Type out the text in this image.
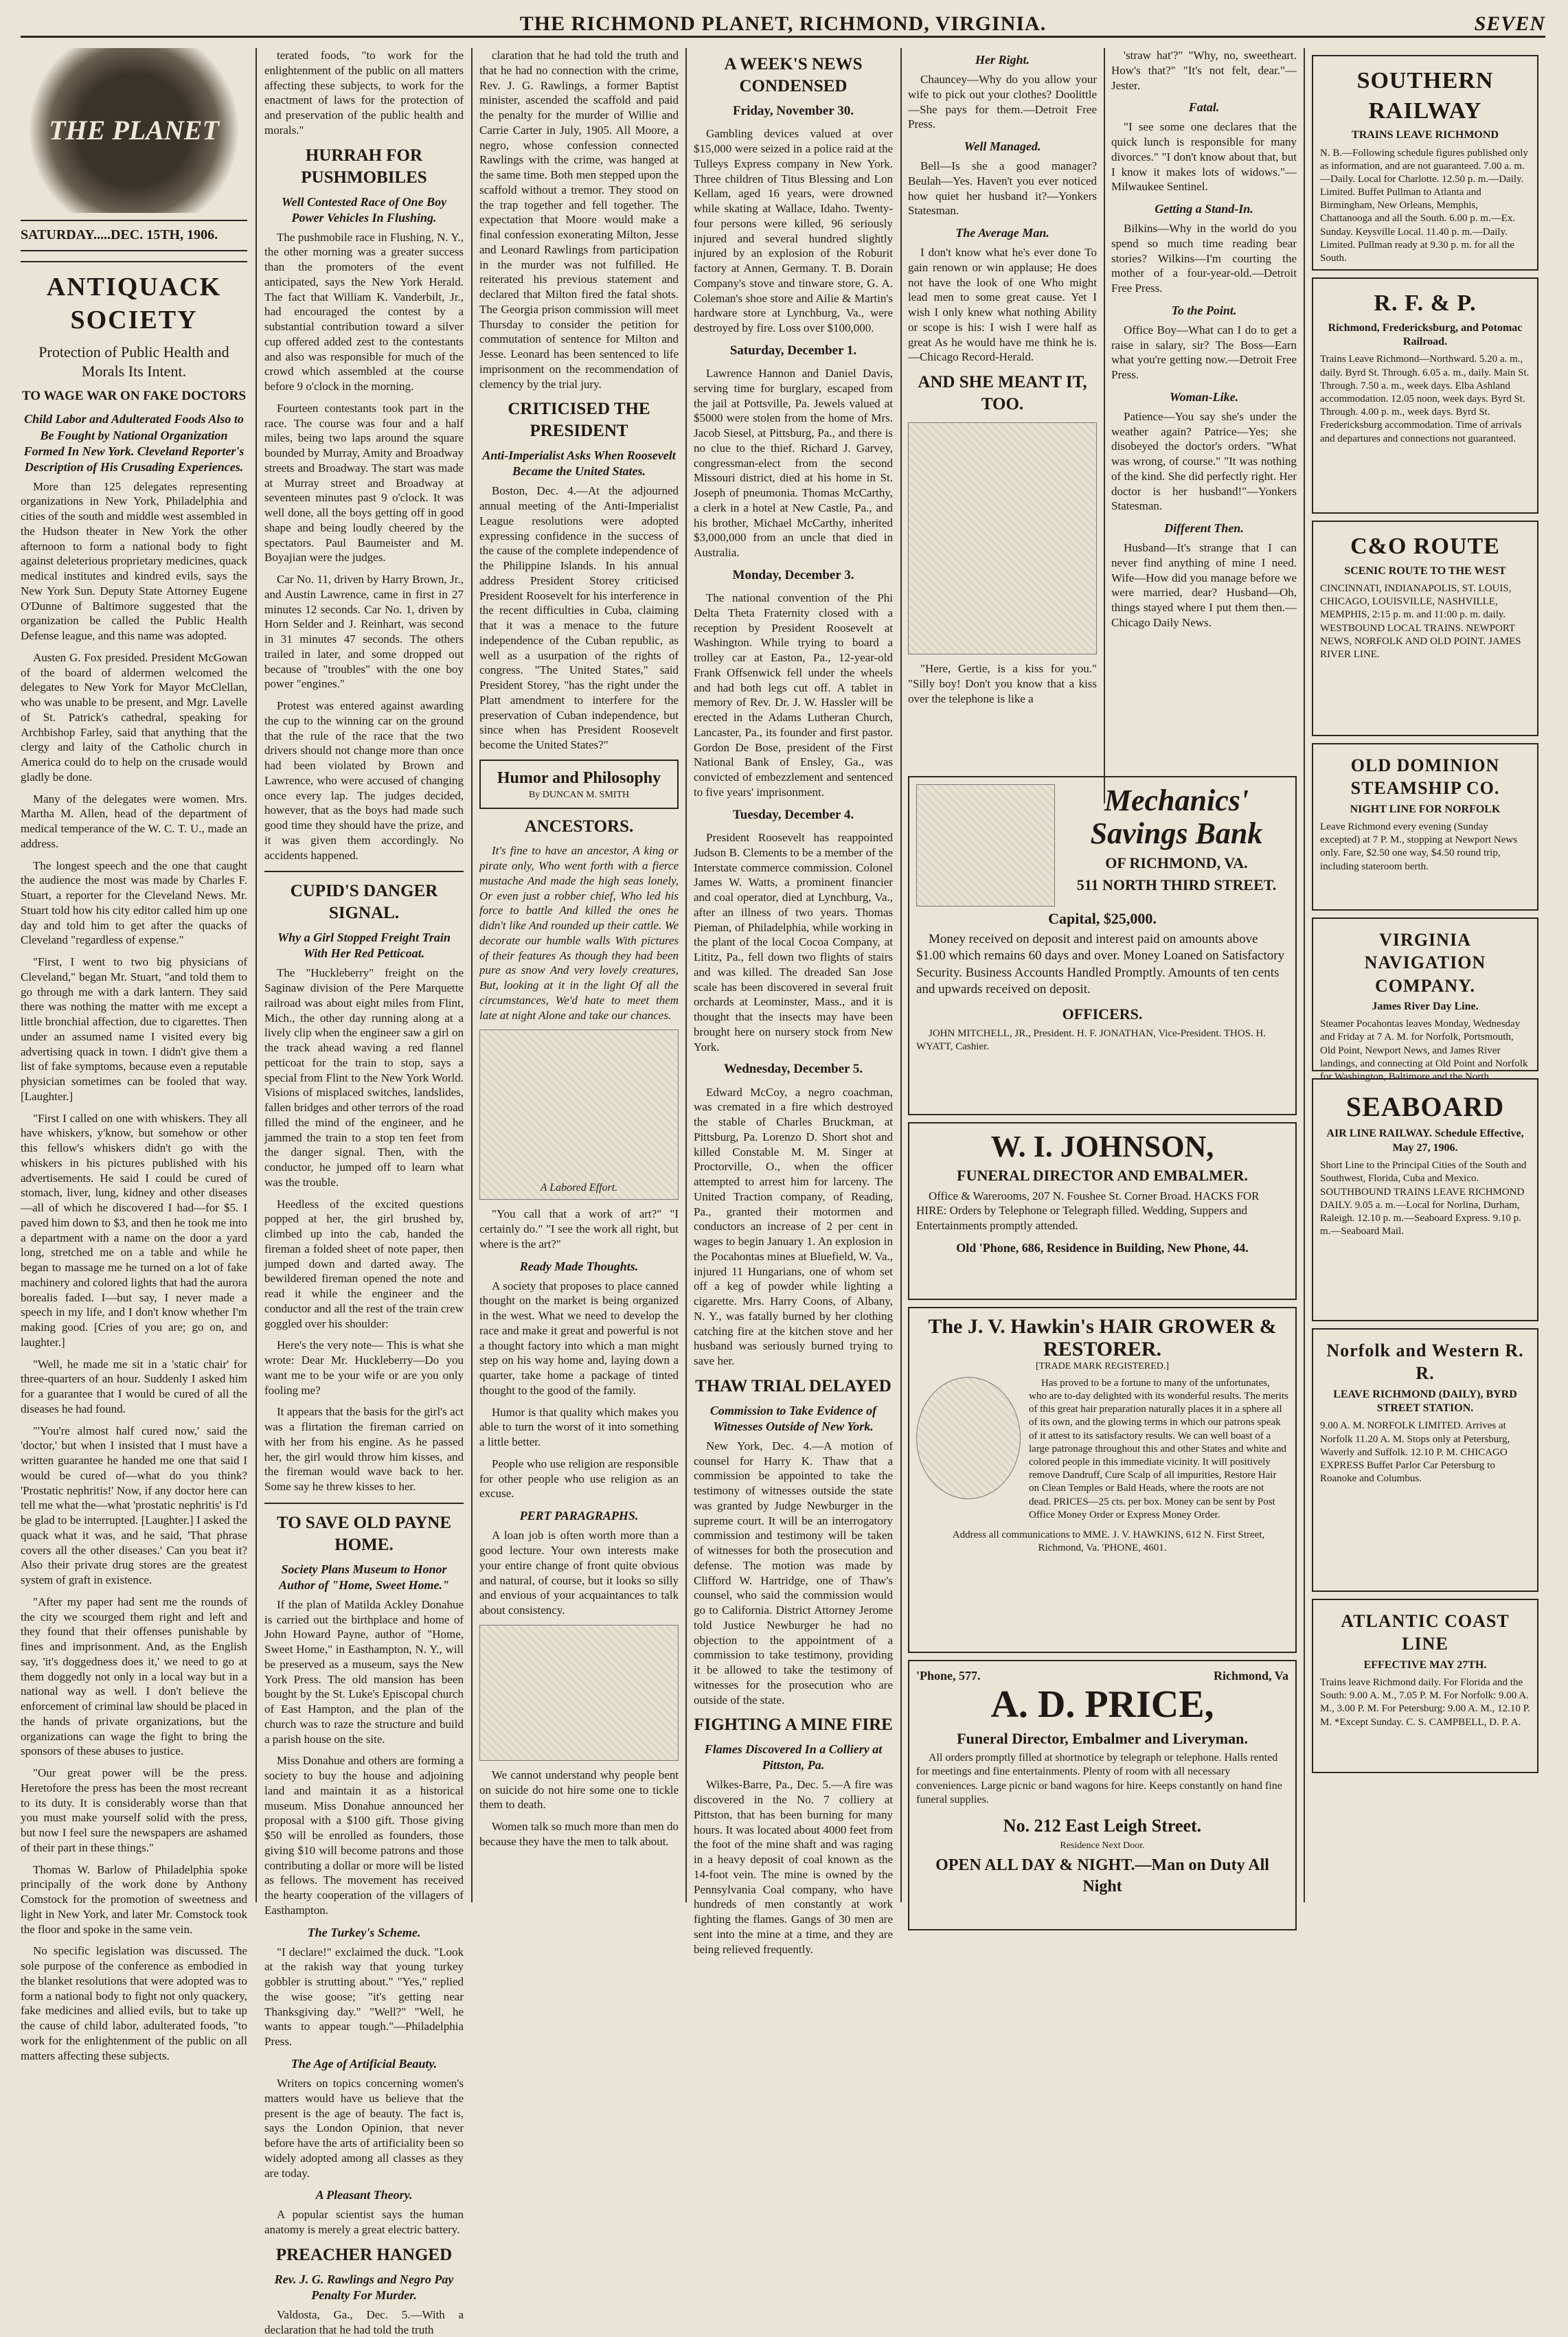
THE RICHMOND PLANET, RICHMOND, VIRGINIA.	SEVEN
THE PLANET
SATURDAY.....DEC. 15TH, 1906.
ANTIQUACK SOCIETY
Protection of Public Health and Morals Its Intent.
TO WAGE WAR ON FAKE DOCTORS
Child Labor and Adulterated Foods Also to Be Fought by National Organization Formed In New York. Cleveland Reporter's Description of His Crusading Experiences.

More than 125 delegates representing organizations in New York, Philadelphia and cities of the south and middle west assembled in the Hudson theater in New York the other afternoon to form a national body to fight against deleterious proprietary medicines, quack medical institutes and kindred evils, says the New York Sun. Deputy State Attorney Eugene O'Dunne of Baltimore suggested that the organization be called the Public Health Defense league, and this name was adopted.

Austen G. Fox presided. President McGowan of the board of aldermen welcomed the delegates to New York for Mayor McClellan, who was unable to be present, and Mgr. Lavelle of St. Patrick's cathedral, speaking for Archbishop Farley, said that anything that the clergy and laity of the Catholic church in America could do to help on the crusade would gladly be done.

Many of the delegates were women. Mrs. Martha M. Allen, head of the department of medical temperance of the W. C. T. U., made an address.

The longest speech and the one that caught the audience the most was made by Charles F. Stuart, a reporter for the Cleveland News. Mr. Stuart told how his city editor called him up one day and told him to get after the quacks of Cleveland "regardless of expense."

"First, I went to two big physicians of Cleveland," began Mr. Stuart, "and told them to go through me with a dark lantern. They said there was nothing the matter with me except a little bronchial affection, due to cigarettes. Then under an assumed name I visited every big advertising quack in town. I didn't give them a list of fake symptoms, because even a reputable physician sometimes can be fooled that way. [Laughter.]

"First I called on one with whiskers. They all have whiskers, y'know, but somehow or other this fellow's whiskers didn't go with the whiskers in his pictures published with his advertisements. He said I could be cured of stomach, liver, lung, kidney and other diseases—all of which he discovered I had—for $5. I paved him down to $3, and then he took me into a department with a name on the door a yard long, stretched me on a table and while he began to massage me he turned on a lot of fake machinery and colored lights that had the aurora borealis faded. I—but say, I never made a speech in my life, and I don't know whether I'm making good. [Cries of you are; go on, and laughter.]

"Well, he made me sit in a 'static chair' for three-quarters of an hour. Suddenly I asked him for a guarantee that I would be cured of all the diseases he had found.

"'You're almost half cured now,' said the 'doctor,' but when I insisted that I must have a written guarantee he handed me one that said I would be cured of—what do you think? 'Prostatic nephritis!' Now, if any doctor here can tell me what the—what 'prostatic nephritis' is I'd be glad to be interrupted. [Laughter.] I asked the quack what it was, and he said, 'That phrase covers all the other diseases.' Can you beat it? Also their private drug stores are the greatest system of graft in existence.

"After my paper had sent me the rounds of the city we scourged them right and left and they found that their offenses punishable by fines and imprisonment. And, as the English say, 'it's doggedness does it,' we need to go at them doggedly not only in a local way but in a national way as well. I don't believe the enforcement of criminal law should be placed in the hands of private organizations, but the organizations can wage the fight to bring the sponsors of these abuses to justice.

"Our great power will be the press. Heretofore the press has been the most recreant to its duty. It is considerably worse than that you must make yourself solid with the press, but now I feel sure the newspapers are ashamed of their part in these things."

Thomas W. Barlow of Philadelphia spoke principally of the work done by Anthony Comstock for the promotion of sweetness and light in New York, and later Mr. Comstock took the floor and spoke in the same vein.

No specific legislation was discussed. The sole purpose of the conference as embodied in the blanket resolutions that were adopted was to form a national body to fight not only quackery, fake medicines and allied evils, but to take up the cause of child labor, adulterated foods, "to work for the enlightenment of the public on all matters affecting these subjects.

terated foods, "to work for the enlightenment of the public on all matters affecting these subjects, to work for the enactment of laws for the protection of and preservation of the public health and morals."

HURRAH FOR PUSHMOBILES
Well Contested Race of One Boy Power Vehicles In Flushing.

The pushmobile race in Flushing, N. Y., the other morning was a greater success than the promoters of the event anticipated, says the New York Herald. The fact that William K. Vanderbilt, Jr., had encouraged the contest by a substantial contribution toward a silver cup offered added zest to the contestants and also was responsible for much of the crowd which assembled at the course before 9 o'clock in the morning.

Fourteen contestants took part in the race. The course was four and a half miles, being two laps around the square bounded by Murray, Amity and Broadway streets and Broadway. The start was made at Murray street and Broadway at seventeen minutes past 9 o'clock. It was well done, all the boys getting off in good shape and being loudly cheered by the spectators. Paul Baumeister and M. Boyajian were the judges.

Car No. 11, driven by Harry Brown, Jr., and Austin Lawrence, came in first in 27 minutes 12 seconds. Car No. 1, driven by Horn Selder and J. Reinhart, was second in 31 minutes 47 seconds. The others trailed in later, and some dropped out because of "troubles" with the one boy power "engines."

Protest was entered against awarding the cup to the winning car on the ground that the rule of the race that the two drivers should not change more than once had been violated by Brown and Lawrence, who were accused of changing once every lap. The judges decided, however, that as the boys had made such good time they should have the prize, and it was given them accordingly. No accidents happened.

CUPID'S DANGER SIGNAL.
Why a Girl Stopped Freight Train With Her Red Petticoat.

The "Huckleberry" freight on the Saginaw division of the Pere Marquette railroad was about eight miles from Flint, Mich., the other day running along at a lively clip when the engineer saw a girl on the track ahead waving a red flannel petticoat for the train to stop, says a special from Flint to the New York World. Visions of misplaced switches, landslides, fallen bridges and other terrors of the road filled the mind of the engineer, and he jammed the train to a stop ten feet from the danger signal. Then, with the conductor, he jumped off to learn what was the trouble.

Heedless of the excited questions popped at her, the girl brushed by, climbed up into the cab, handed the fireman a folded sheet of note paper, then jumped down and darted away. The bewildered fireman opened the note and read it while the engineer and the conductor and all the rest of the train crew goggled over his shoulder:

Here's the very note— This is what she wrote: Dear Mr. Huckleberry—Do you want me to be your wife or are you only fooling me?

It appears that the basis for the girl's act was a flirtation the fireman carried on with her from his engine. As he passed her, the girl would throw him kisses, and the fireman would wave back to her. Some say he threw kisses to her.

TO SAVE OLD PAYNE HOME.
Society Plans Museum to Honor Author of "Home, Sweet Home."

If the plan of Matilda Ackley Donahue is carried out the birthplace and home of John Howard Payne, author of "Home, Sweet Home," in Easthampton, N. Y., will be preserved as a museum, says the New York Press. The old mansion has been bought by the St. Luke's Episcopal church of East Hampton, and the plan of the church was to raze the structure and build a parish house on the site.

Miss Donahue and others are forming a society to buy the house and adjoining land and maintain it as a historical museum. Miss Donahue announced her proposal with a $100 gift. Those giving $50 will be enrolled as founders, those giving $10 will become patrons and those contributing a dollar or more will be listed as fellows. The movement has received the hearty cooperation of the villagers of Easthampton.

The Turkey's Scheme.

"I declare!" exclaimed the duck. "Look at the rakish way that young turkey gobbler is strutting about." "Yes," replied the wise goose; "it's getting near Thanksgiving day." "Well?" "Well, he wants to appear tough."—Philadelphia Press.

The Age of Artificial Beauty.

Writers on topics concerning women's matters would have us believe that the present is the age of beauty. The fact is, says the London Opinion, that never before have the arts of artificiality been so widely adopted among all classes as they are today.

A Pleasant Theory.

A popular scientist says the human anatomy is merely a great electric battery.

PREACHER HANGED
Rev. J. G. Rawlings and Negro Pay Penalty For Murder.

Valdosta, Ga., Dec. 5.—With a declaration that he had told the truth

claration that he had told the truth and that he had no connection with the crime, Rev. J. G. Rawlings, a former Baptist minister, ascended the scaffold and paid the penalty for the murder of Willie and Carrie Carter in July, 1905. All Moore, a negro, whose confession connected Rawlings with the crime, was hanged at the same time. Both men stepped upon the scaffold without a tremor. They stood on the trap together and fell together. The expectation that Moore would make a final confession exonerating Milton, Jesse and Leonard Rawlings from participation in the murder was not fulfilled. He reiterated his previous statement and declared that Milton fired the fatal shots. The Georgia prison commission will meet Thursday to consider the petition for commutation of sentence for Milton and Jesse. Leonard has been sentenced to life imprisonment on the recommendation of clemency by the trial jury.

CRITICISED THE PRESIDENT
Anti-Imperialist Asks When Roosevelt Became the United States.

Boston, Dec. 4.—At the adjourned annual meeting of the Anti-Imperialist League resolutions were adopted expressing confidence in the success of the cause of the complete independence of the Philippine Islands. In his annual address President Storey criticised President Roosevelt for his interference in the recent difficulties in Cuba, claiming that it was a menace to the future independence of the Cuban republic, as well as a usurpation of the rights of congress. "The United States," said President Storey, "has the right under the Platt amendment to interfere for the preservation of Cuban independence, but since when has President Roosevelt become the United States?"

Humor and Philosophy
By DUNCAN M. SMITH
ANCESTORS.

It's fine to have an ancestor, A king or pirate only, Who went forth with a fierce mustache And made the high seas lonely, Or even just a robber chief, Who led his force to battle And killed the ones he didn't like And rounded up their cattle. We decorate our humble walls With pictures of their features As though they had been pure as snow And very lovely creatures, But, looking at it in the light Of all the circumstances, We'd hate to meet them late at night Alone and take our chances.

A Labored Effort.

"You call that a work of art?" "I certainly do." "I see the work all right, but where is the art?"

Ready Made Thoughts.

A society that proposes to place canned thought on the market is being organized in the west. What we need to develop the race and make it great and powerful is not a thought factory into which a man might step on his way home and, laying down a quarter, take home a package of tinted thought to the good of the family.

Humor is that quality which makes you able to turn the worst of it into something a little better.

People who use religion are responsible for other people who use religion as an excuse.

PERT PARAGRAPHS.

A loan job is often worth more than a good lecture. Your own interests make your entire change of front quite obvious and natural, of course, but it looks so silly and envious of your acquaintances to talk about consistency.

We cannot understand why people bent on suicide do not hire some one to tickle them to death.

Women talk so much more than men do because they have the men to talk about.

A WEEK'S NEWS CONDENSED
Friday, November 30.

Gambling devices valued at over $15,000 were seized in a police raid at the Tulleys Express company in New York. Three children of Titus Blessing and Lon Kellam, aged 16 years, were drowned while skating at Wallace, Idaho. Twenty-four persons were killed, 96 seriously injured and several hundred slightly injured by an explosion of the Roburit factory at Annen, Germany. T. B. Dorain Company's stove and tinware store, G. A. Coleman's shoe store and Ailie & Martin's hardware store at Lynchburg, Va., were destroyed by fire. Loss over $100,000.

Saturday, December 1.

Lawrence Hannon and Daniel Davis, serving time for burglary, escaped from the jail at Pottsville, Pa. Jewels valued at $5000 were stolen from the home of Mrs. Jacob Siesel, at Pittsburg, Pa., and there is no clue to the thief. Richard J. Garvey, congressman-elect from the second Missouri district, died at his home in St. Joseph of pneumonia. Thomas McCarthy, a clerk in a hotel at New Castle, Pa., and his brother, Michael McCarthy, inherited $3,000,000 from an uncle that died in Australia.

Monday, December 3.

The national convention of the Phi Delta Theta Fraternity closed with a reception by President Roosevelt at Washington. While trying to board a trolley car at Easton, Pa., 12-year-old Frank Offsenwick fell under the wheels and had both legs cut off. A tablet in memory of Rev. Dr. J. W. Hassler will be erected in the Adams Lutheran Church, Lancaster, Pa., its founder and first pastor. Gordon De Bose, president of the First National Bank of Ensley, Ga., was convicted of embezzlement and sentenced to five years' imprisonment.

Tuesday, December 4.

President Roosevelt has reappointed Judson B. Clements to be a member of the Interstate commerce commission. Colonel James W. Watts, a prominent financier and coal operator, died at Lynchburg, Va., after an illness of two years. Thomas Pieman, of Philadelphia, while working in the plant of the local Cocoa Company, at Lititz, Pa., fell down two flights of stairs and was killed. The dreaded San Jose scale has been discovered in several fruit orchards at Leominster, Mass., and it is thought that the insects may have been brought here on nursery stock from New York.

Wednesday, December 5.

Edward McCoy, a negro coachman, was cremated in a fire which destroyed the stable of Charles Bruckman, at Pittsburg, Pa. Lorenzo D. Short shot and killed Constable M. M. Singer at Proctorville, O., when the officer attempted to arrest him for larceny. The United Traction company, of Reading, Pa., granted their motormen and conductors an increase of 2 per cent in wages to begin January 1. An explosion in the Pocahontas mines at Bluefield, W. Va., injured 11 Hungarians, one of whom set off a keg of powder while lighting a cigarette. Mrs. Harry Coons, of Albany, N. Y., was fatally burned by her clothing catching fire at the kitchen stove and her husband was seriously burned trying to save her.

THAW TRIAL DELAYED
Commission to Take Evidence of Witnesses Outside of New York.

New York, Dec. 4.—A motion of counsel for Harry K. Thaw that a commission be appointed to take the testimony of witnesses outside the state was granted by Judge Newburger in the supreme court. It will be an interrogatory commission and testimony will be taken of witnesses for both the prosecution and defense. The motion was made by Clifford W. Hartridge, one of Thaw's counsel, who said the commission would go to California. District Attorney Jerome told Justice Newburger he had no objection to the appointment of a commission to take testimony, providing it be allowed to take the testimony of witnesses for the prosecution who are outside of the state.

FIGHTING A MINE FIRE
Flames Discovered In a Colliery at Pittston, Pa.

Wilkes-Barre, Pa., Dec. 5.—A fire was discovered in the No. 7 colliery at Pittston, that has been burning for many hours. It was located about 4000 feet from the foot of the mine shaft and was raging in a heavy deposit of coal known as the 14-foot vein. The mine is owned by the Pennsylvania Coal company, who have hundreds of men constantly at work fighting the flames. Gangs of 30 men are sent into the mine at a time, and they are being relieved frequently.

Her Right.

Chauncey—Why do you allow your wife to pick out your clothes? Doolittle—She pays for them.—Detroit Free Press.

Well Managed.

Bell—Is she a good manager? Beulah—Yes. Haven't you ever noticed how quiet her husband it?—Yonkers Statesman.

The Average Man.

I don't know what he's ever done To gain renown or win applause; He does not have the look of one Who might lead men to some great cause. Yet I wish I only knew what nothing Ability or scope is his: I wish I were half as great As he would have me think he is.—Chicago Record-Herald.

AND SHE MEANT IT, TOO.

"Here, Gertie, is a kiss for you." "Silly boy! Don't you know that a kiss over the telephone is like a

'straw hat'?" "Why, no, sweetheart. How's that?" "It's not felt, dear."—Jester.

Fatal.

"I see some one declares that the quick lunch is responsible for many divorces." "I don't know about that, but I know it makes lots of widows."—Milwaukee Sentinel.

Getting a Stand-In.

Bilkins—Why in the world do you spend so much time reading bear stories? Wilkins—I'm courting the mother of a four-year-old.—Detroit Free Press.

To the Point.

Office Boy—What can I do to get a raise in salary, sir? The Boss—Earn what you're getting now.—Detroit Free Press.

Woman-Like.

Patience—You say she's under the weather again? Patrice—Yes; she disobeyed the doctor's orders. "What was wrong, of course." "It was nothing of the kind. She did perfectly right. Her doctor is her husband!"—Yonkers Statesman.

Different Then.

Husband—It's strange that I can never find anything of mine I need. Wife—How did you manage before we were married, dear? Husband—Oh, things stayed where I put them then.—Chicago Daily News.

Mechanics' Savings Bank
OF RICHMOND, VA.
511 NORTH THIRD STREET.
Capital, $25,000.

Money received on deposit and interest paid on amounts above $1.00 which remains 60 days and over. Money Loaned on Satisfactory Security. Business Accounts Handled Promptly. Amounts of ten cents and upwards received on deposit.

OFFICERS.

JOHN MITCHELL, JR., President. H. F. JONATHAN, Vice-President. THOS. H. WYATT, Cashier.

W. I. JOHNSON,
FUNERAL DIRECTOR AND EMBALMER.

Office & Warerooms, 207 N. Foushee St. Corner Broad. HACKS FOR HIRE: Orders by Telephone or Telegraph filled. Wedding, Suppers and Entertainments promptly attended.

Old 'Phone, 686, Residence in Building, New Phone, 44.
The J. V. Hawkin's HAIR GROWER & RESTORER.
[TRADE MARK REGISTERED.]

Has proved to be a fortune to many of the unfortunates, who are to-day delighted with its wonderful results. The merits of this great hair preparation naturally places it in a sphere all of its own, and the glowing terms in which our patrons speak of it attest to its satisfactory results. We can well boast of a large patronage throughout this and other States and white and colored people in this immediate vicinity. It will positively remove Dandruff, Cure Scalp of all impurities, Restore Hair on Clean Temples or Bald Heads, where the roots are not dead. PRICES—25 cts. per box. Money can be sent by Post Office Money Order or Express Money Order.

Address all communications to MME. J. V. HAWKINS, 612 N. First Street, Richmond, Va. 'PHONE, 4601.

'Phone, 577.	Richmond, Va
A. D. PRICE,
Funeral Director, Embalmer and Liveryman.

All orders promptly filled at shortnotice by telegraph or telephone. Halls rented for meetings and fine entertainments. Plenty of room with all necessary conveniences. Large picnic or band wagons for hire. Keeps constantly on hand fine funeral supplies.

No. 212 East Leigh Street.
Residence Next Door.
OPEN ALL DAY & NIGHT.—Man on Duty All Night
SOUTHERN RAILWAY
TRAINS LEAVE RICHMOND

N. B.—Following schedule figures published only as information, and are not guaranteed. 7.00 a. m.—Daily. Local for Charlotte. 12.50 p. m.—Daily. Limited. Buffet Pullman to Atlanta and Birmingham, New Orleans, Memphis, Chattanooga and all the South. 6.00 p. m.—Ex. Sunday. Keysville Local. 11.40 p. m.—Daily. Limited. Pullman ready at 9.30 p. m. for all the South.

R. F. & P.
Richmond, Fredericksburg, and Potomac Railroad.

Trains Leave Richmond—Northward. 5.20 a. m., daily. Byrd St. Through. 6.05 a. m., daily. Main St. Through. 7.50 a. m., week days. Elba Ashland accommodation. 12.05 noon, week days. Byrd St. Through. 4.00 p. m., week days. Byrd St. Fredericksburg accommodation. Time of arrivals and departures and connections not guaranteed.

C&O ROUTE
SCENIC ROUTE TO THE WEST

CINCINNATI, INDIANAPOLIS, ST. LOUIS, CHICAGO, LOUISVILLE, NASHVILLE, MEMPHIS, 2:15 p. m. and 11:00 p. m. daily. WESTBOUND LOCAL TRAINS. NEWPORT NEWS, NORFOLK AND OLD POINT. JAMES RIVER LINE.

OLD DOMINION STEAMSHIP CO.
NIGHT LINE FOR NORFOLK

Leave Richmond every evening (Sunday excepted) at 7 P. M., stopping at Newport News only. Fare, $2.50 one way, $4.50 round trip, including stateroom berth.

VIRGINIA NAVIGATION COMPANY.
James River Day Line.

Steamer Pocahontas leaves Monday, Wednesday and Friday at 7 A. M. for Norfolk, Portsmouth, Old Point, Newport News, and James River landings, and connecting at Old Point and Norfolk for Washington, Baltimore and the North.

SEABOARD
AIR LINE RAILWAY. Schedule Effective, May 27, 1906.

Short Line to the Principal Cities of the South and Southwest, Florida, Cuba and Mexico. SOUTHBOUND TRAINS LEAVE RICHMOND DAILY. 9.05 a. m.—Local for Norlina, Durham, Raleigh. 12.10 p. m.—Seaboard Express. 9.10 p. m.—Seaboard Mail.

Norfolk and Western R. R.
LEAVE RICHMOND (DAILY), BYRD STREET STATION.

9.00 A. M. NORFOLK LIMITED. Arrives at Norfolk 11.20 A. M. Stops only at Petersburg, Waverly and Suffolk. 12.10 P. M. CHICAGO EXPRESS Buffet Parlor Car Petersburg to Roanoke and Columbus.

ATLANTIC COAST LINE
EFFECTIVE MAY 27TH.

Trains leave Richmond daily. For Florida and the South: 9.00 A. M., 7.05 P. M. For Norfolk: 9.00 A. M., 3.00 P. M. For Petersburg: 9.00 A. M., 12.10 P. M. *Except Sunday. C. S. CAMPBELL, D. P. A.
